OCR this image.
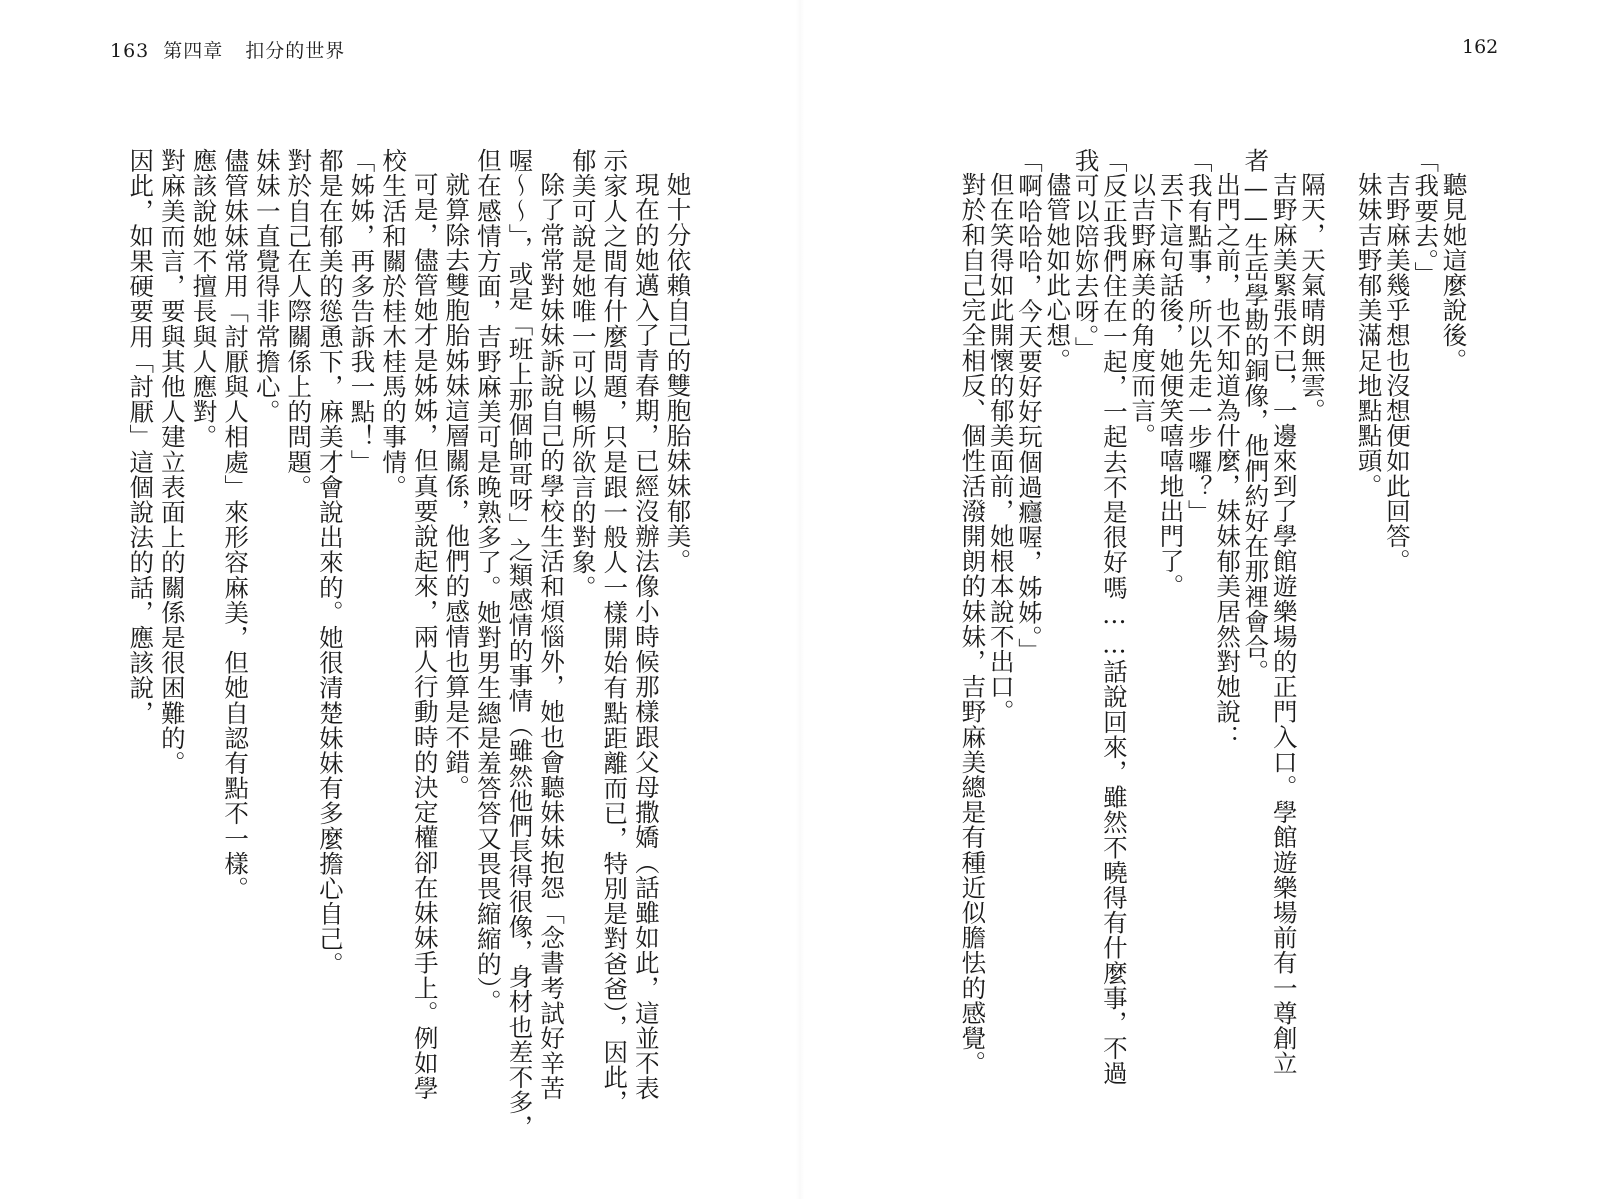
163 第四章 扣分的世界	162
聽見她這麼說後。
「我要去。」
吉野麻美幾乎想也沒想便如此回答。
妹妹吉野郁美滿足地點點頭。
隔天，天氣晴朗無雲。
吉野麻美緊張不已，一邊來到了學館遊樂場的正門入口。學館遊樂場前有一尊創立
者——生岳學勘的銅像，他們約好在那裡會合。
出門之前，也不知道為什麼，妹妹郁美居然對她說：
「我有點事，所以先走一步囉？」
丟下這句話後，她便笑嘻嘻地出門了。
以吉野麻美的角度而言。
「反正我們住在一起，一起去不是很好嗎……話說回來，雖然不曉得有什麼事，不過
我可以陪妳去呀。」
儘管她如此心想。
「啊哈哈哈，今天要好好玩個過癮喔，姊姊。」
但在笑得如此開懷的郁美面前，她根本說不出口。
對於和自己完全相反、個性活潑開朗的妹妹，吉野麻美總是有種近似膽怯的感覺。
她十分依賴自己的雙胞胎妹妹郁美。
現在的她邁入了青春期，已經沒辦法像小時候那樣跟父母撒嬌（話雖如此，這並不表
示家人之間有什麼問題，只是跟一般人一樣開始有點距離而已，特別是對爸爸），因此，
郁美可說是她唯一可以暢所欲言的對象。
除了常常對妹妹訴說自己的學校生活和煩惱外，她也會聽妹妹抱怨「念書考試好辛苦
喔～～」，或是「班上那個帥哥呀」之類感情的事情（雖然他們長得很像，身材也差不多，
但在感情方面，吉野麻美可是晚熟多了。她對男生總是羞答答又畏畏縮縮的）。
就算除去雙胞胎姊妹這層關係，他們的感情也算是不錯。
可是，儘管她才是姊姊，但真要說起來，兩人行動時的決定權卻在妹妹手上。例如學
校生活和關於桂木桂馬的事情。
「姊姊，再多告訴我一點！」
都是在郁美的慫恿下，麻美才會說出來的。她很清楚妹妹有多麼擔心自己。
對於自己在人際關係上的問題。
妹妹一直覺得非常擔心。
儘管妹妹常用「討厭與人相處」來形容麻美，但她自認有點不一樣。
應該說她不擅長與人應對。
對麻美而言，要與其他人建立表面上的關係是很困難的。
因此，如果硬要用「討厭」這個說法的話，應該說，
